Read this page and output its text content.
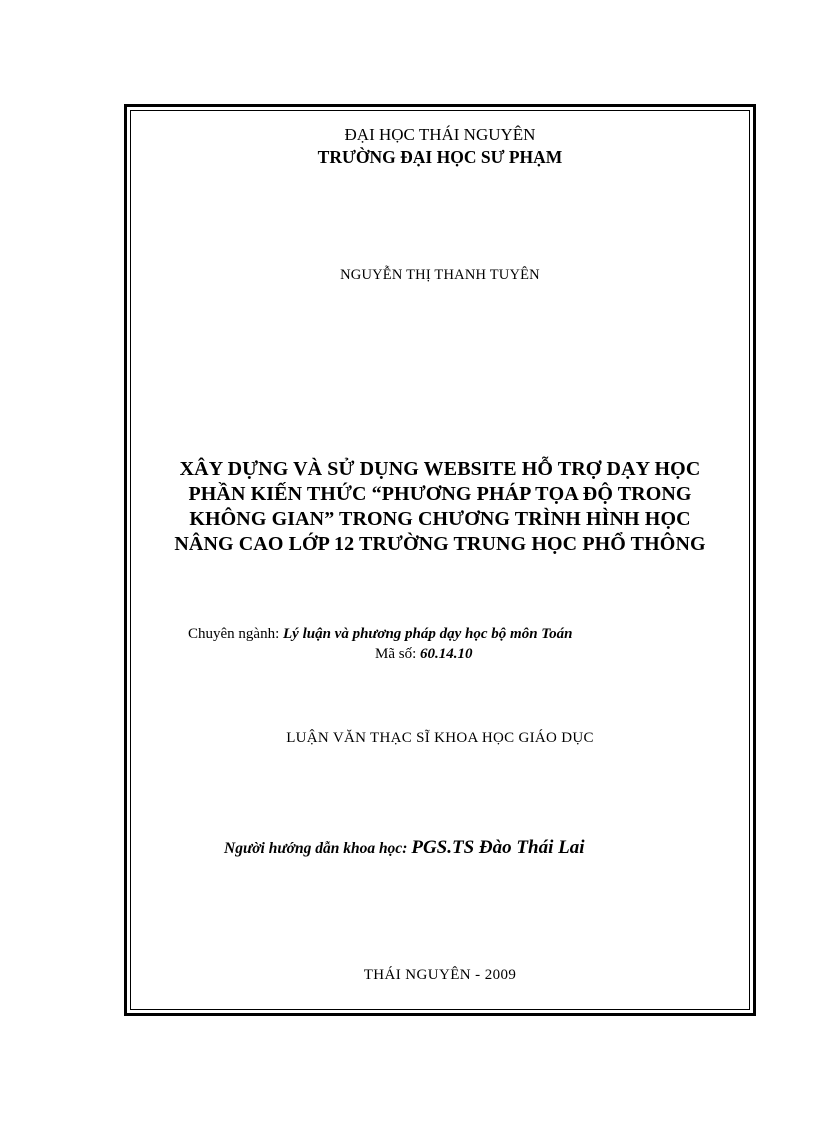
ĐẠI HỌC THÁI NGUYÊN
TRƯỜNG ĐẠI HỌC SƯ PHẠM
NGUYỄN THỊ THANH TUYÊN
XÂY DỰNG VÀ SỬ DỤNG WEBSITE HỖ TRỢ DẠY HỌC
PHẦN KIẾN THỨC “PHƯƠNG PHÁP TỌA ĐỘ TRONG
KHÔNG GIAN” TRONG CHƯƠNG TRÌNH HÌNH HỌC
NÂNG CAO LỚP 12 TRƯỜNG TRUNG HỌC PHỔ THÔNG
Chuyên ngành: Lý luận và phương pháp dạy học bộ môn Toán
Mã số: 60.14.10
LUẬN VĂN THẠC SĨ KHOA HỌC GIÁO DỤC
Người hướng dẫn khoa học: PGS.TS Đào Thái Lai
THÁI NGUYÊN - 2009
